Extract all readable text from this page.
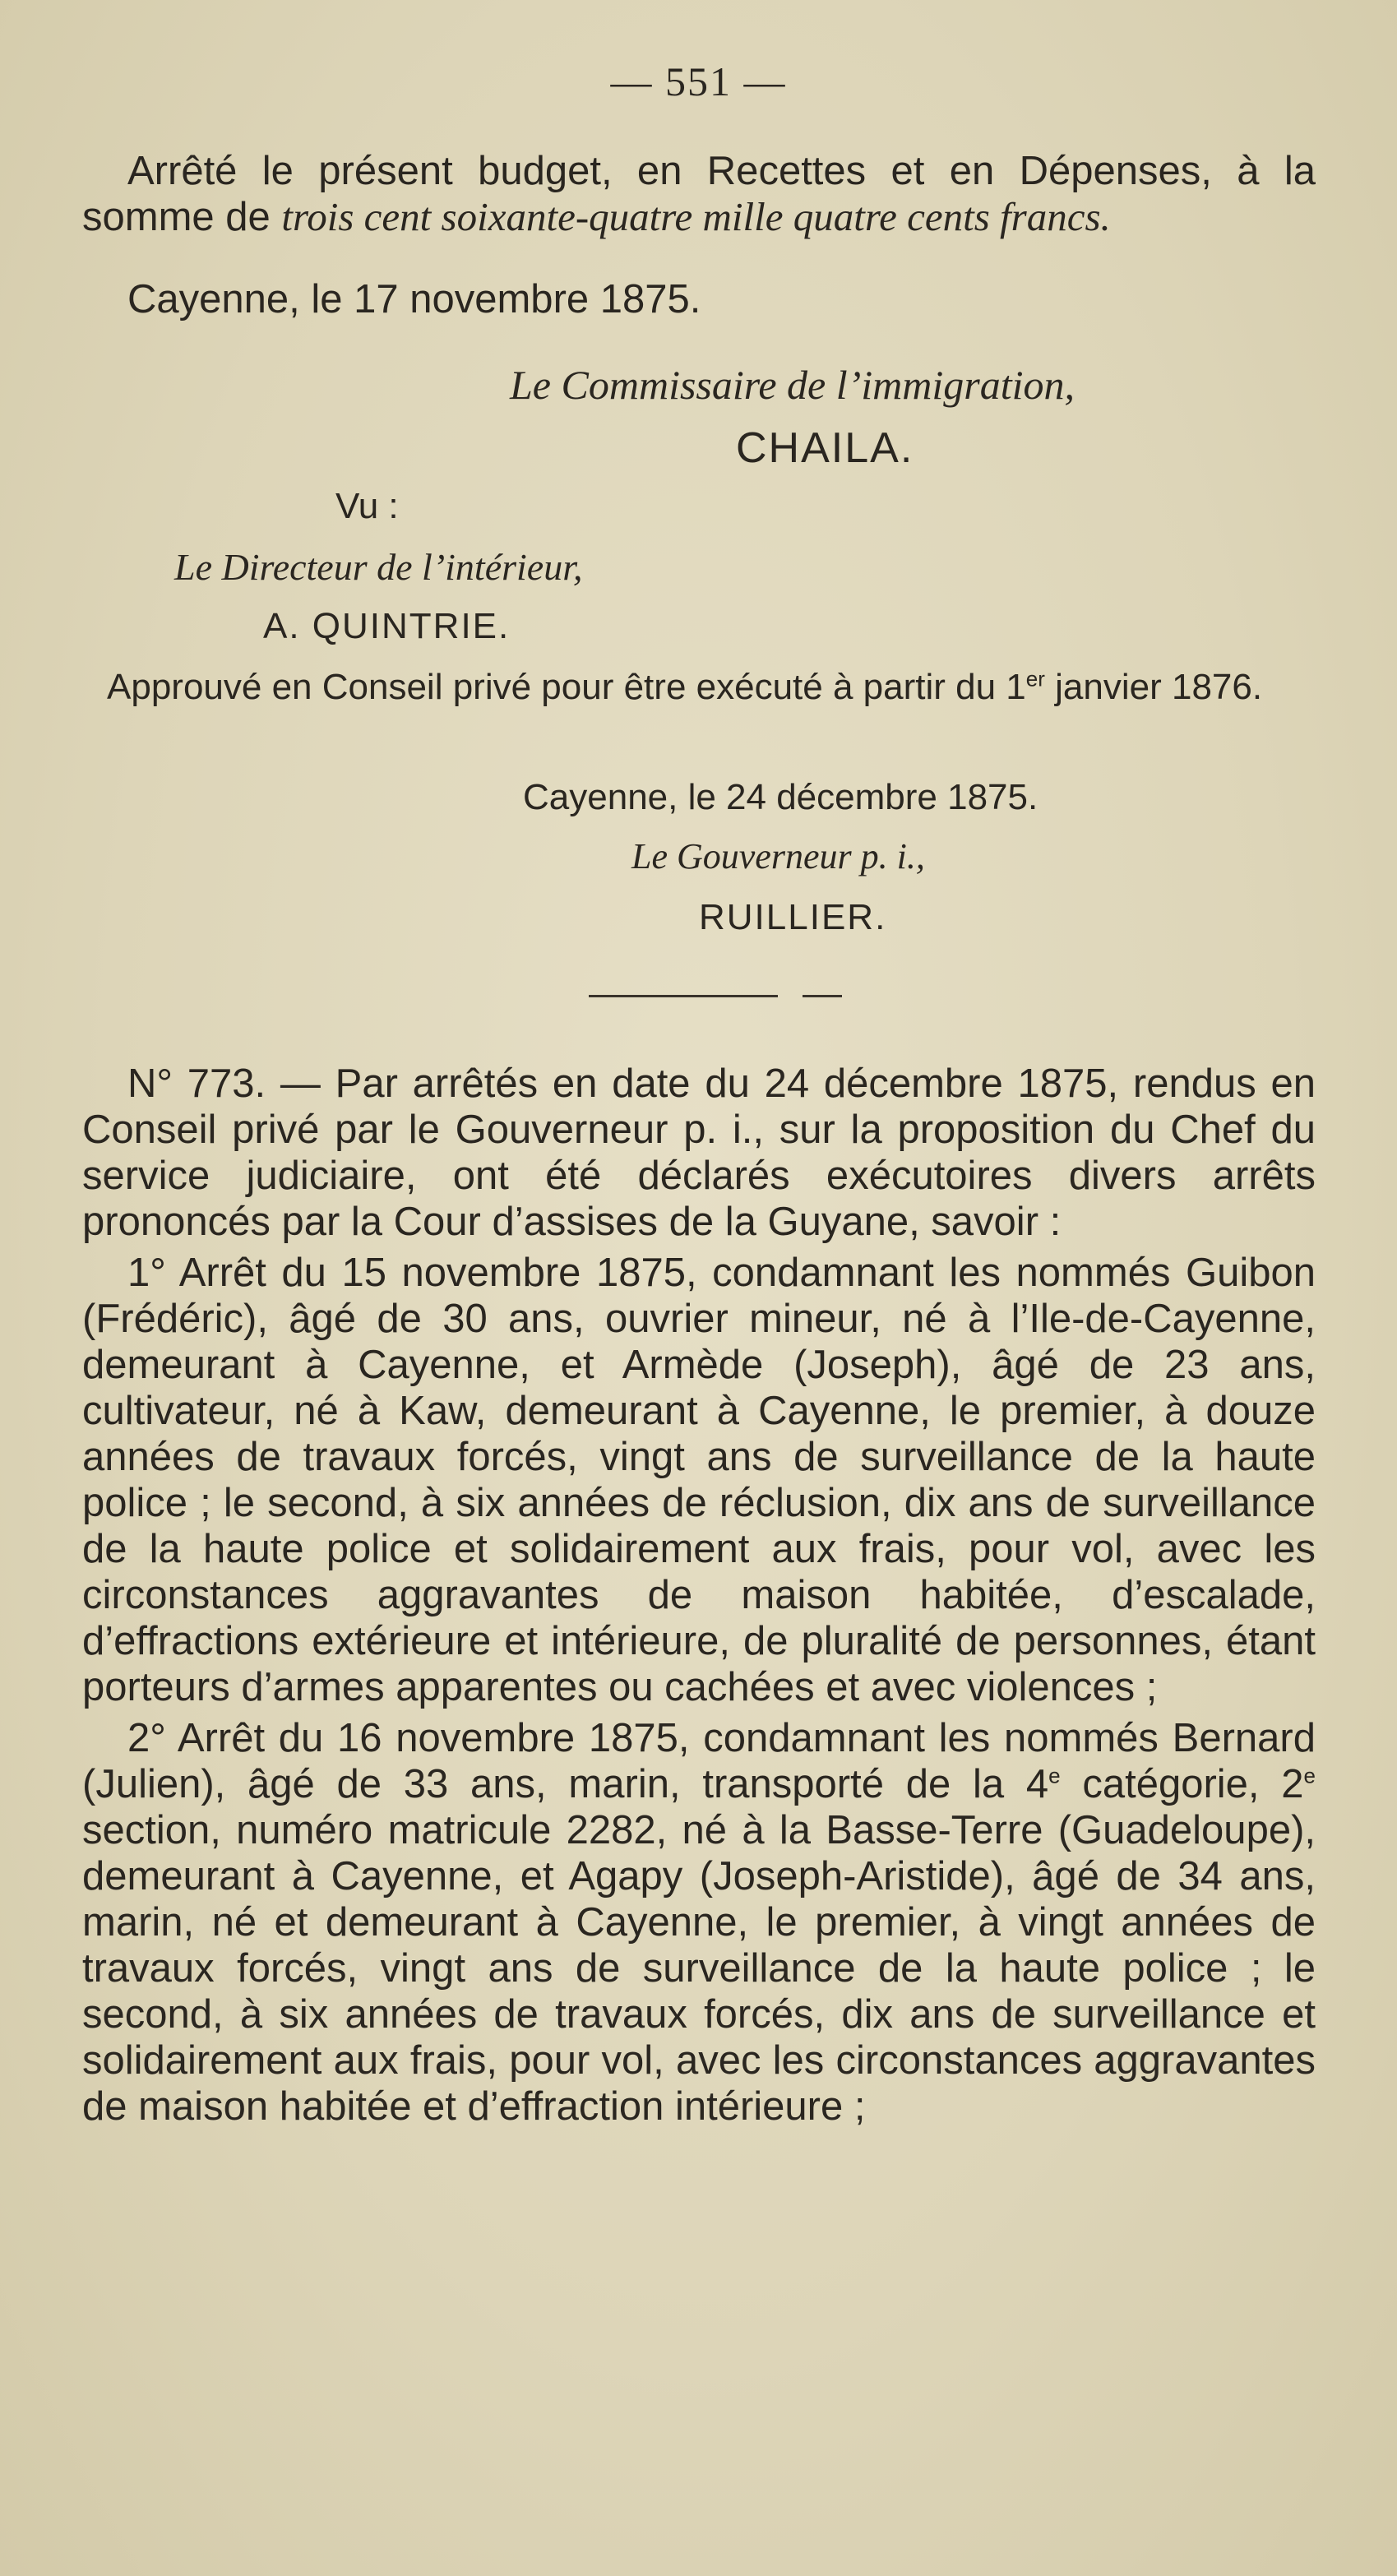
— 551 —

Arrêté le présent budget, en Recettes et en Dépenses, à la somme de trois cent soixante-quatre mille quatre cents francs.

Cayenne, le 17 novembre 1875.

Le Commissaire de l’immigration,
CHAILA.
Vu :
Le Directeur de l’intérieur,
A. QUINTRIE.

Approuvé en Conseil privé pour être exécuté à partir du 1er janvier 1876.

Cayenne, le 24 décembre 1875.
Le Gouverneur p. i.,
RUILLIER.

N° 773. — Par arrêtés en date du 24 décembre 1875, rendus en Conseil privé par le Gouverneur p. i., sur la proposition du Chef du service judiciaire, ont été déclarés exécutoires divers arrêts prononcés par la Cour d’assises de la Guyane, savoir :

1° Arrêt du 15 novembre 1875, condamnant les nommés Guibon (Frédéric), âgé de 30 ans, ouvrier mineur, né à l’Ile-de-Cayenne, demeurant à Cayenne, et Armède (Joseph), âgé de 23 ans, cultivateur, né à Kaw, demeurant à Cayenne, le premier, à douze années de travaux forcés, vingt ans de surveillance de la haute police ; le second, à six années de réclusion, dix ans de surveillance de la haute police et solidairement aux frais, pour vol, avec les circonstances aggravantes de maison habitée, d’escalade, d’effractions extérieure et intérieure, de pluralité de personnes, étant porteurs d’armes apparentes ou cachées et avec violences ;

2° Arrêt du 16 novembre 1875, condamnant les nommés Bernard (Julien), âgé de 33 ans, marin, transporté de la 4e catégorie, 2e section, numéro matricule 2282, né à la Basse-Terre (Guadeloupe), demeurant à Cayenne, et Agapy (Joseph-Aristide), âgé de 34 ans, marin, né et demeurant à Cayenne, le premier, à vingt années de travaux forcés, vingt ans de surveillance de la haute police ; le second, à six années de travaux forcés, dix ans de surveillance et solidairement aux frais, pour vol, avec les circonstances aggravantes de maison habitée et d’effraction intérieure ;
